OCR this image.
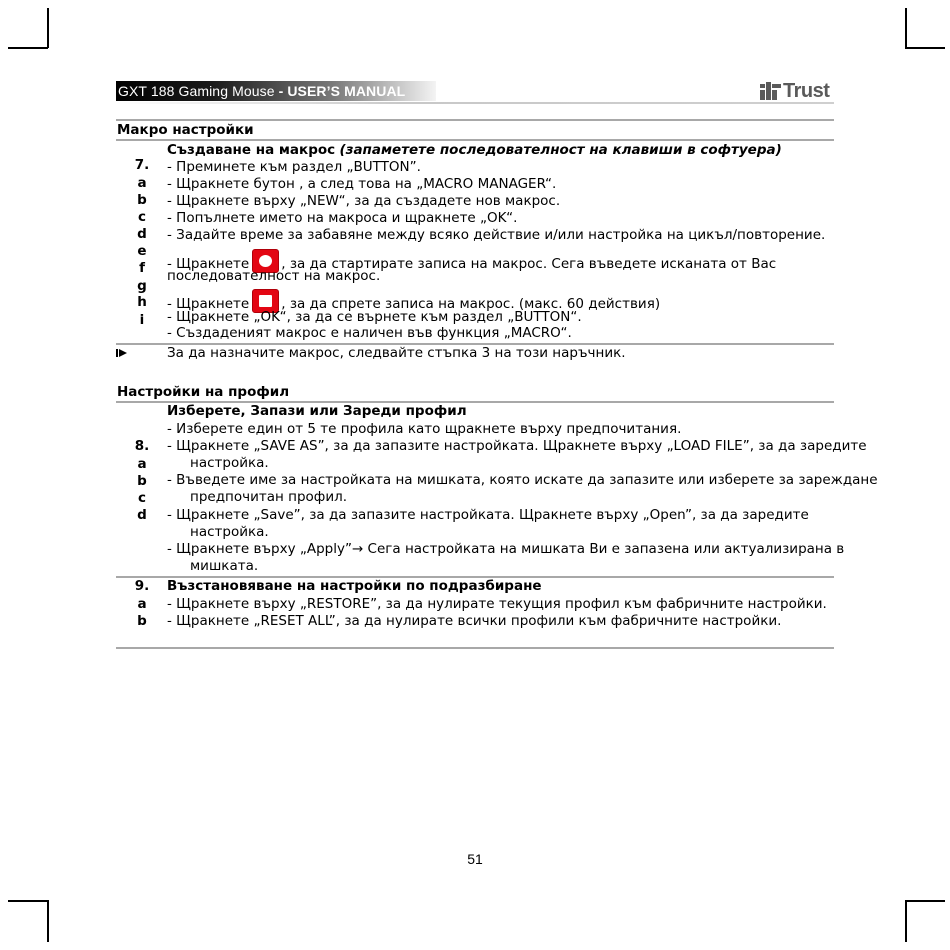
GXT 188 Gaming Mouse - USER’S MANUAL	Trust
Макро настройки
Създаване на макрос (запаметете последователност на клавиши в софтуера)
7.
a
b
c
d
e
f
g
h
i
- Преминете към раздел „BUTTON”.
- Щракнете бутон , а след това на „MACRO MANAGER“.
- Щракнете върху „NEW“, за да създадете нов макрос.
- Попълнете името на макроса и щракнете „OK“.
- Задайте време за забавяне между всяко действие и/или настройка на цикъл/повторение.
- Щракнете , за да стартирате записа на макрос. Сега въведете исканата от Вас
последователност на макрос.
- Щракнете , за да спрете записа на макрос. (макс. 60 действия)
- Щракнете „OK“, за да се върнете към раздел „BUTTON“.
- Създаденият макрос е наличен във функция „MACRO“.
За да назначите макрос, следвайте стъпка 3 на този наръчник.
Настройки на профил
Изберете, Запази или Зареди профил
- Изберете един от 5 те профила като щракнете върху предпочитания.
8.
a
b
c
d
- Щракнете „SAVE AS”, за да запазите настройката. Щракнете върху „LOAD FILE”, за да заредите
настройка.
- Въведете име за настройката на мишката, която искате да запазите или изберете за зареждане
предпочитан профил.
- Щракнете „Save”, за да запазите настройката. Щракнете върху „Open”, за да заредите
настройка.
- Щракнете върху „Apply”→ Сега настройката на мишката Ви е запазена или актуализирана в
мишката.
9.	Възстановяване на настройки по подразбиране
a
b
- Щракнете върху „RESTORE”, за да нулирате текущия профил към фабричните настройки.
- Щракнете „RESET ALL”, за да нулирате всички профили към фабричните настройки.
51
